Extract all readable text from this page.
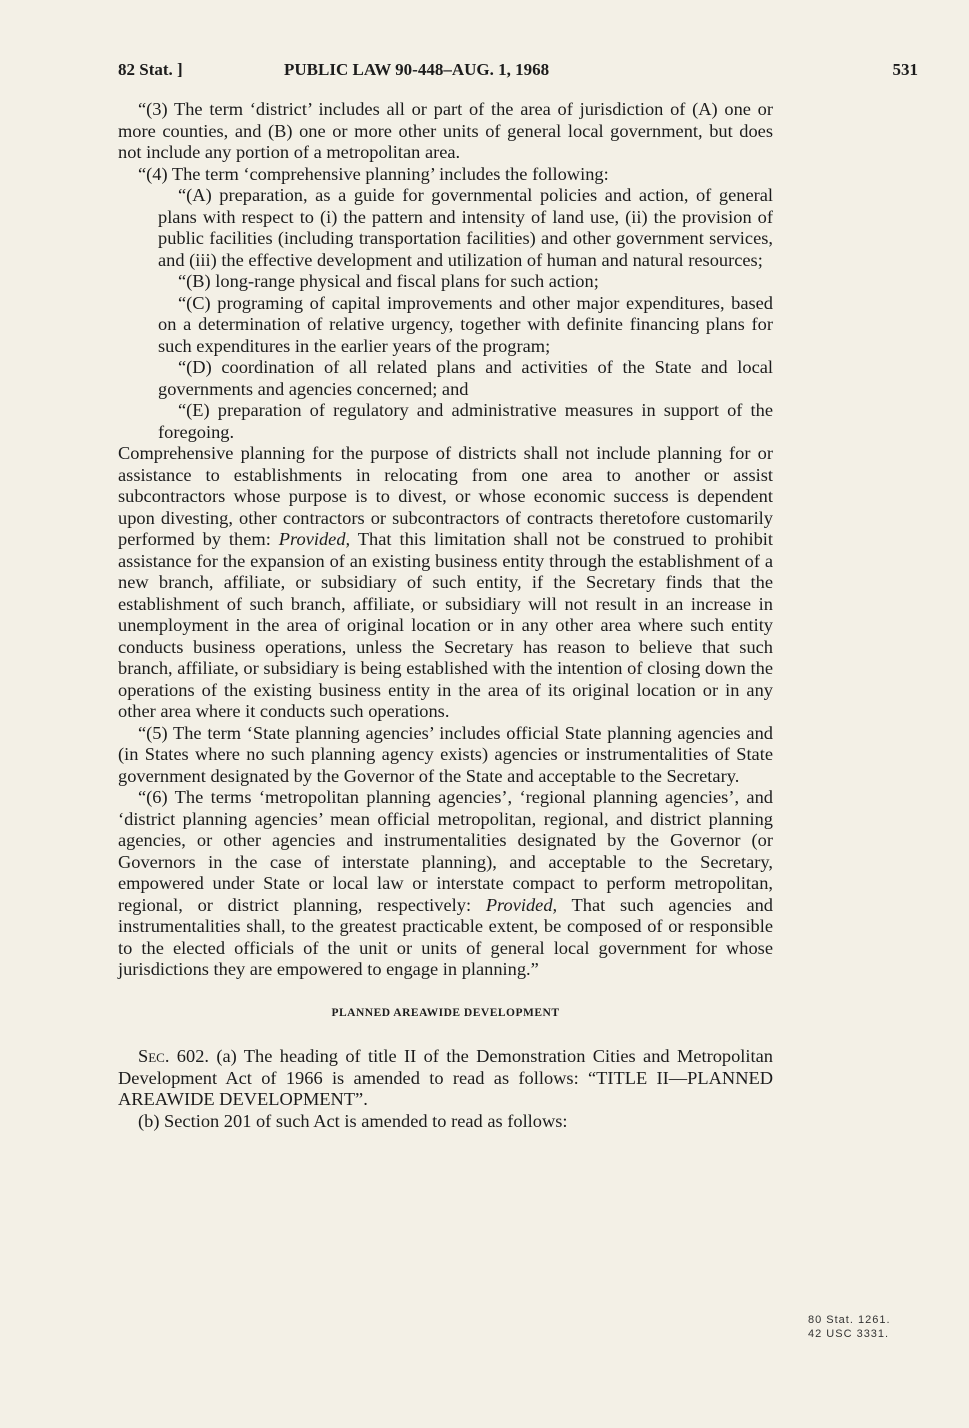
82 Stat. ]	PUBLIC LAW 90-448–AUG. 1, 1968	531

“(3) The term ‘district’ includes all or part of the area of jurisdiction of (A) one or more counties, and (B) one or more other units of general local government, but does not include any portion of a metropolitan area.

“(4) The term ‘comprehensive planning’ includes the following:

“(A) preparation, as a guide for governmental policies and action, of general plans with respect to (i) the pattern and intensity of land use, (ii) the provision of public facilities (including transportation facilities) and other government services, and (iii) the effective development and utilization of human and natural resources;

“(B) long-range physical and fiscal plans for such action;

“(C) programing of capital improvements and other major expenditures, based on a determination of relative urgency, together with definite financing plans for such expenditures in the earlier years of the program;

“(D) coordination of all related plans and activities of the State and local governments and agencies concerned; and

“(E) preparation of regulatory and administrative measures in support of the foregoing.

Comprehensive planning for the purpose of districts shall not include planning for or assistance to establishments in relocating from one area to another or assist subcontractors whose purpose is to divest, or whose economic success is dependent upon divesting, other contractors or subcontractors of contracts theretofore customarily performed by them: Provided, That this limitation shall not be construed to prohibit assistance for the expansion of an existing business entity through the establishment of a new branch, affiliate, or subsidiary of such entity, if the Secretary finds that the establishment of such branch, affiliate, or subsidiary will not result in an increase in unemployment in the area of original location or in any other area where such entity conducts business operations, unless the Secretary has reason to believe that such branch, affiliate, or subsidiary is being established with the intention of closing down the operations of the existing business entity in the area of its original location or in any other area where it conducts such operations.

“(5) The term ‘State planning agencies’ includes official State planning agencies and (in States where no such planning agency exists) agencies or instrumentalities of State government designated by the Governor of the State and acceptable to the Secretary.

“(6) The terms ‘metropolitan planning agencies’, ‘regional planning agencies’, and ‘district planning agencies’ mean official metropolitan, regional, and district planning agencies, or other agencies and instrumentalities designated by the Governor (or Governors in the case of interstate planning), and acceptable to the Secretary, empowered under State or local law or interstate compact to perform metropolitan, regional, or district planning, respectively: Provided, That such agencies and instrumentalities shall, to the greatest practicable extent, be composed of or responsible to the elected officials of the unit or units of general local government for whose jurisdictions they are empowered to engage in planning.”

PLANNED AREAWIDE DEVELOPMENT

Sec. 602. (a) The heading of title II of the Demonstration Cities and Metropolitan Development Act of 1966 is amended to read as follows: “TITLE II—PLANNED AREAWIDE DEVELOPMENT”.

(b) Section 201 of such Act is amended to read as follows:

80 Stat. 1261.
42 USC 3331.
